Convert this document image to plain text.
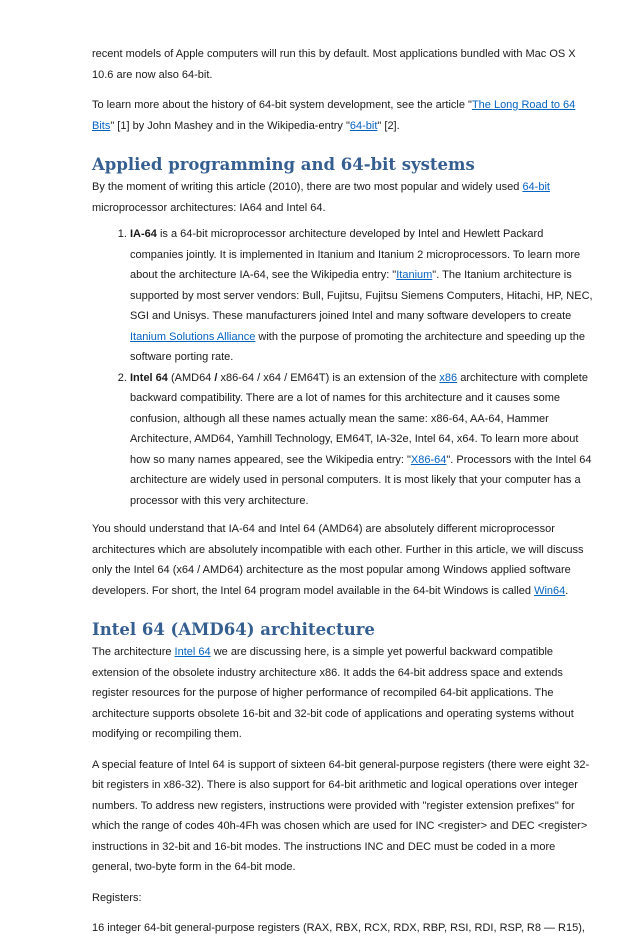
recent models of Apple computers will run this by default. Most applications bundled with Mac OS X 10.6 are now also 64-bit.

To learn more about the history of 64-bit system development, see the article "The Long Road to 64 Bits" [1] by John Mashey and in the Wikipedia-entry "64-bit" [2].

Applied programming and 64-bit systems

By the moment of writing this article (2010), there are two most popular and widely used 64-bit microprocessor architectures: IA64 and Intel 64.

1. IA-64 is a 64-bit microprocessor architecture developed by Intel and Hewlett Packard companies jointly. It is implemented in Itanium and Itanium 2 microprocessors. To learn more about the architecture IA-64, see the Wikipedia entry: "Itanium". The Itanium architecture is supported by most server vendors: Bull, Fujitsu, Fujitsu Siemens Computers, Hitachi, HP, NEC, SGI and Unisys. These manufacturers joined Intel and many software developers to create Itanium Solutions Alliance with the purpose of promoting the architecture and speeding up the software porting rate.
2. Intel 64 (AMD64 / x86-64 / x64 / EM64T) is an extension of the x86 architecture with complete backward compatibility. There are a lot of names for this architecture and it causes some confusion, although all these names actually mean the same: x86-64, AA-64, Hammer Architecture, AMD64, Yamhill Technology, EM64T, IA-32e, Intel 64, x64. To learn more about how so many names appeared, see the Wikipedia entry: "X86-64". Processors with the Intel 64 architecture are widely used in personal computers. It is most likely that your computer has a processor with this very architecture.

You should understand that IA-64 and Intel 64 (AMD64) are absolutely different microprocessor architectures which are absolutely incompatible with each other. Further in this article, we will discuss only the Intel 64 (x64 / AMD64) architecture as the most popular among Windows applied software developers. For short, the Intel 64 program model available in the 64-bit Windows is called Win64.

Intel 64 (AMD64) architecture

The architecture Intel 64 we are discussing here, is a simple yet powerful backward compatible extension of the obsolete industry architecture x86. It adds the 64-bit address space and extends register resources for the purpose of higher performance of recompiled 64-bit applications. The architecture supports obsolete 16-bit and 32-bit code of applications and operating systems without modifying or recompiling them.

A special feature of Intel 64 is support of sixteen 64-bit general-purpose registers (there were eight 32-bit registers in x86-32). There is also support for 64-bit arithmetic and logical operations over integer numbers. To address new registers, instructions were provided with "register extension prefixes" for which the range of codes 40h-4Fh was chosen which are used for INC <register> and DEC <register> instructions in 32-bit and 16-bit modes. The instructions INC and DEC must be coded in a more general, two-byte form in the 64-bit mode.

Registers:

16 integer 64-bit general-purpose registers (RAX, RBX, RCX, RDX, RBP, RSI, RDI, RSP, R8 — R15),
